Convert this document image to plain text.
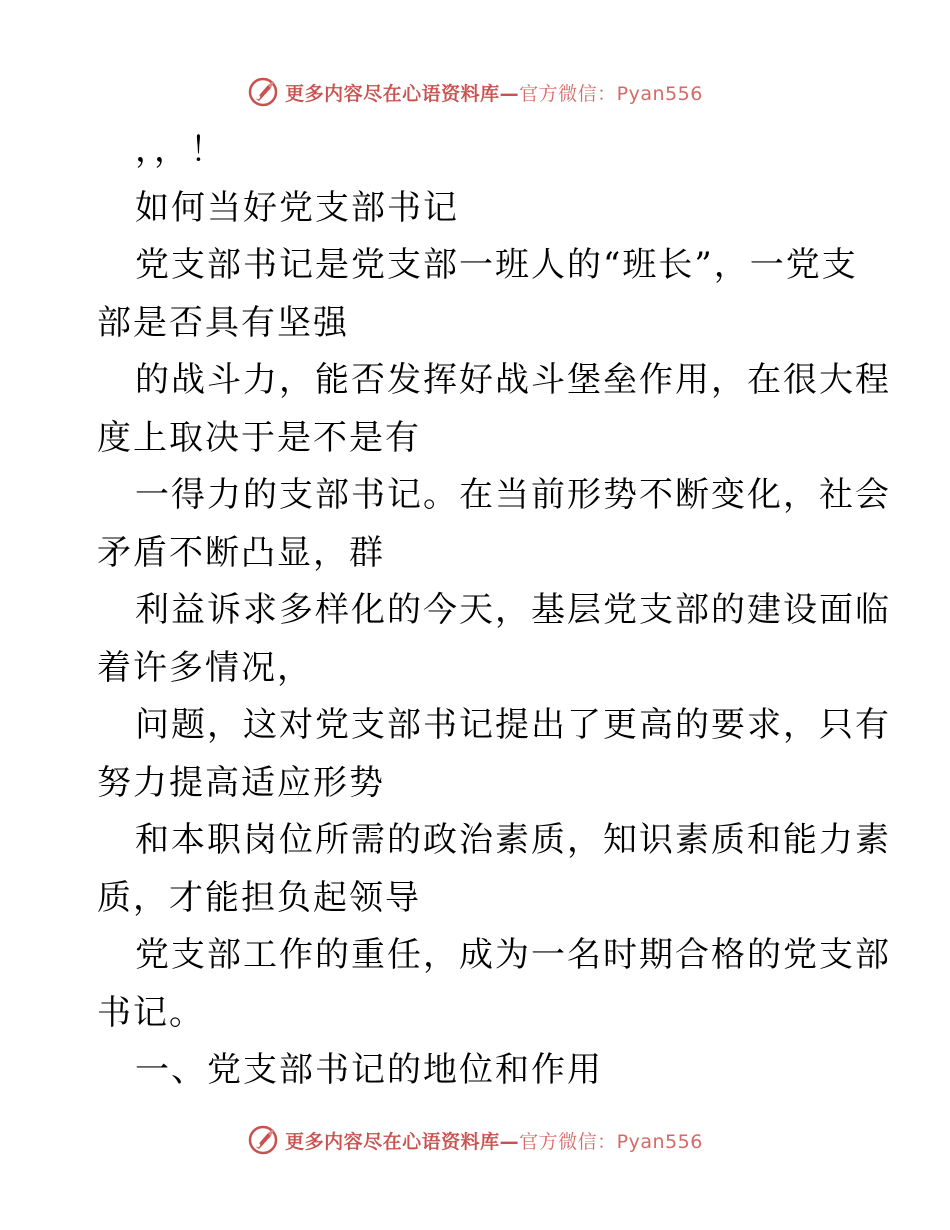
更多内容尽在心语资料库—官方微信：Pyan556
，，！
如何当好党支部书记
党支部书记是党支部一班人的“班长”，一党支
部是否具有坚强
的战斗力，能否发挥好战斗堡垒作用，在很大程
度上取决于是不是有
一得力的支部书记。在当前形势不断变化，社会
矛盾不断凸显，群
利益诉求多样化的今天，基层党支部的建设面临
着许多情况，
问题，这对党支部书记提出了更高的要求，只有
努力提高适应形势
和本职岗位所需的政治素质，知识素质和能力素
质，才能担负起领导
党支部工作的重任，成为一名时期合格的党支部
书记。
一、党支部书记的地位和作用
更多内容尽在心语资料库—官方微信：Pyan556
